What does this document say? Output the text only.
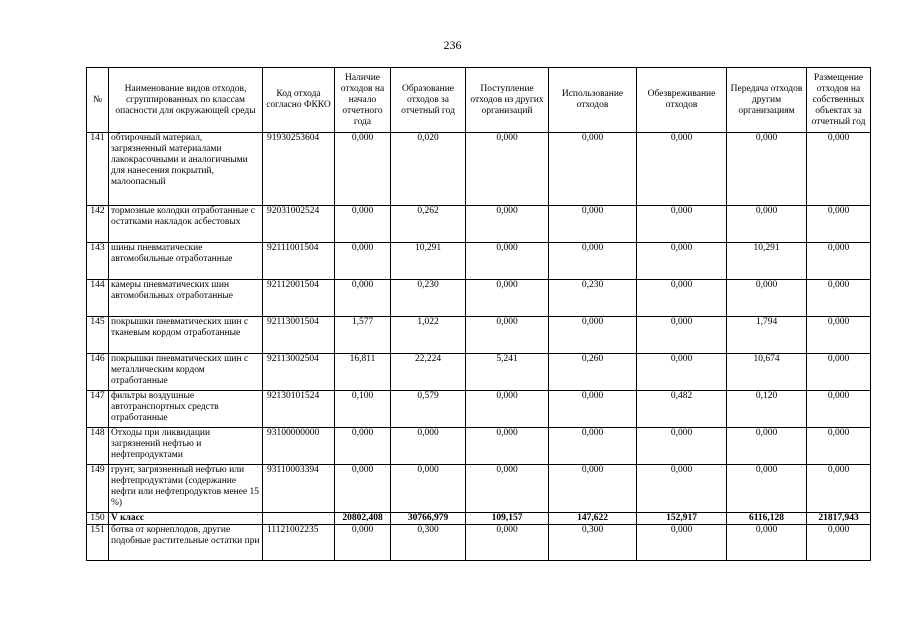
236
№	Наименование видов отходов, сгруппированных по классам опасности для окружающей среды	Код отхода согласно ФККО	Наличие отходов на начало отчетного года	Образование отходов за отчетный год	Поступление отходов из других организаций	Использование отходов	Обезвреживание отходов	Передача отходов другим организациям	Размещение отходов на собственных объектах за отчетный год
141	обтирочный материал, загрязненный материалами лакокрасочными и аналогичными для нанесения покрытий, малоопасный	91930253604	0,000	0,020	0,000	0,000	0,000	0,000	0,000
142	тормозные колодки отработанные с остатками накладок асбестовых	92031002524	0,000	0,262	0,000	0,000	0,000	0,000	0,000
143	шины пневматические автомобильные отработанные	92111001504	0,000	10,291	0,000	0,000	0,000	10,291	0,000
144	камеры пневматических шин автомобильных отработанные	92112001504	0,000	0,230	0,000	0,230	0,000	0,000	0,000
145	покрышки пневматических шин с тканевым кордом отработанные	92113001504	1,577	1,022	0,000	0,000	0,000	1,794	0,000
146	покрышки пневматических шин с металлическим кордом отработанные	92113002504	16,811	22,224	5,241	0,260	0,000	10,674	0,000
147	фильтры воздушные автотранспортных средств отработанные	92130101524	0,100	0,579	0,000	0,000	0,482	0,120	0,000
148	Отходы при ликвидации загрязнений нефтью и нефтепродуктами	93100000000	0,000	0,000	0,000	0,000	0,000	0,000	0,000
149	грунт, загрязненный нефтью или нефтепродуктами (содержание нефти или нефтепродуктов менее 15 %)	93110003394	0,000	0,000	0,000	0,000	0,000	0,000	0,000
150	V класс		20802,408	30766,979	109,157	147,622	152,917	6116,128	21817,943
151	ботва от корнеплодов, другие подобные растительные остатки при	11121002235	0,000	0,300	0,000	0,300	0,000	0,000	0,000
